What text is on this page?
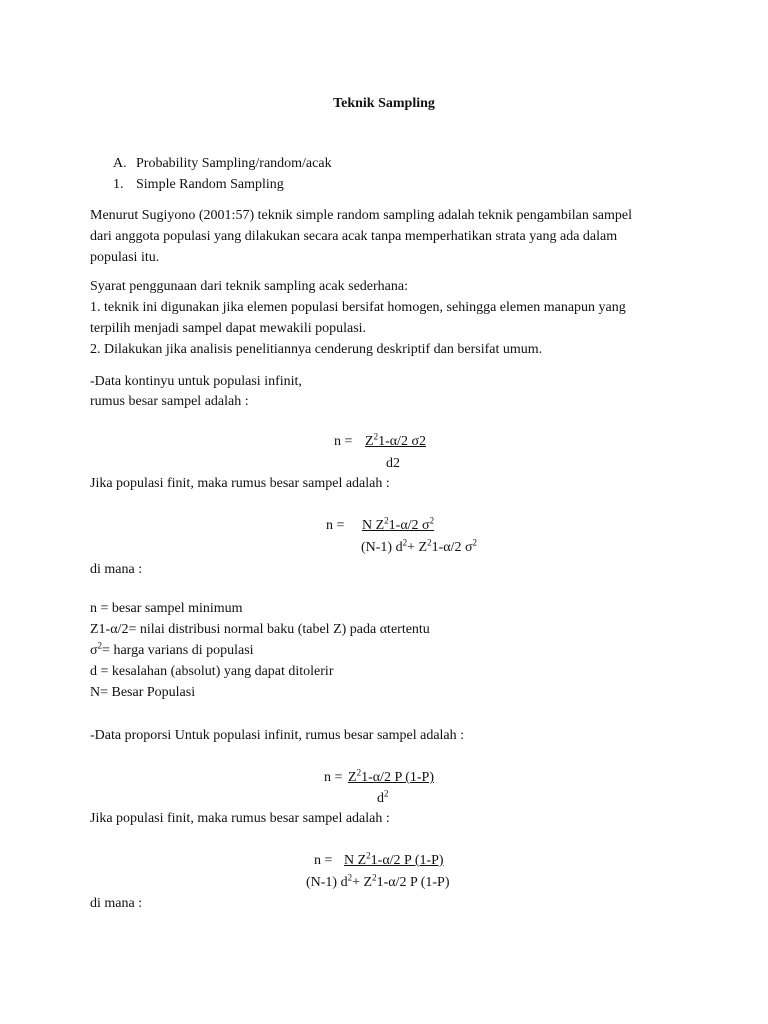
Teknik Sampling
A. Probability Sampling/random/acak
1. Simple Random Sampling
Menurut Sugiyono (2001:57) teknik simple random sampling adalah teknik pengambilan sampel
dari anggota populasi yang dilakukan secara acak tanpa memperhatikan strata yang ada dalam
populasi itu.
Syarat penggunaan dari teknik sampling acak sederhana:
1. teknik ini digunakan jika elemen populasi bersifat homogen, sehingga elemen manapun yang
terpilih menjadi sampel dapat mewakili populasi.
2. Dilakukan jika analisis penelitiannya cenderung deskriptif dan bersifat umum.
-Data kontinyu untuk populasi infinit,
rumus besar sampel adalah :
$n = Z^21-\alpha/2$ σ2
d2
Jika populasi finit, maka rumus besar sampel adalah :
n = N $Z^21-\alpha/2$ $\sigma^2$
(N-1) $d^2+ Z^21-\alpha/2$ $\sigma^2$
di mana :
n = besar sampel minimum
Z1-α/2= nilai distribusi normal baku (tabel Z) pada αtertentu
$\sigma^2=$ harga varians di populasi
d = kesalahan (absolut) yang dapat ditolerir
N= Besar Populasi
-Data proporsi Untuk populasi infinit, rumus besar sampel adalah :
$n = Z^21-\alpha/2$ P (1-P)
$d^2$
Jika populasi finit, maka rumus besar sampel adalah :
n = N $Z^21-\alpha/2$ P (1-P)
(N-1) $d^2+ Z^21-\alpha/2$ P (1-P)
di mana :
